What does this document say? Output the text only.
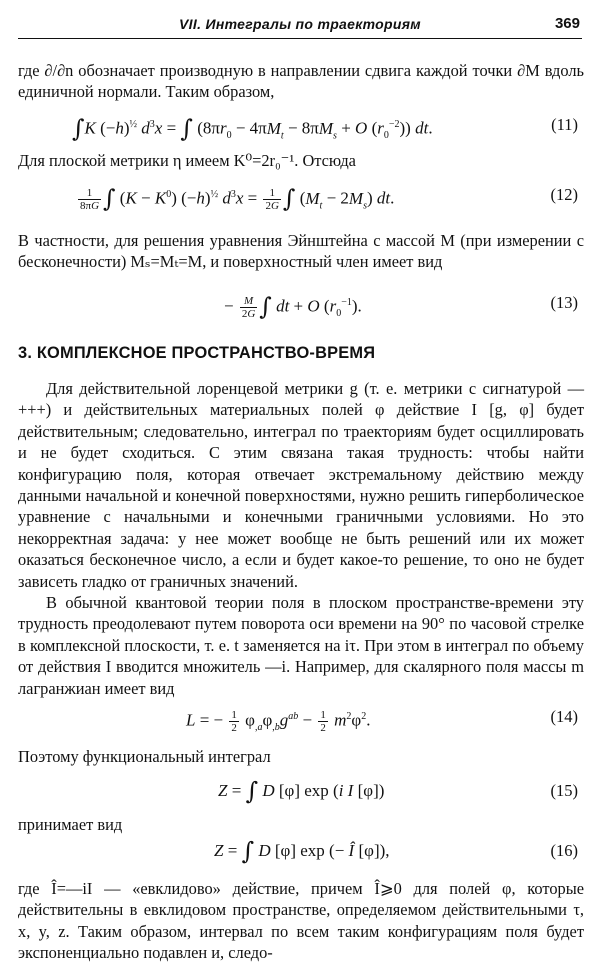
VII. Интегралы по траекториям	369
где ∂/∂n обозначает производную в направлении сдвига каждой точки ∂M вдоль единичной нормали. Таким образом,
∫K $(-h)^{\frac{1}{2}}$ $d^3x$ = ∫ ($8\pi r_0 - 4\pi M_t - 8\pi M_s + O$ $(r_0^{-2})$) dt.	(11)
Для плоской метрики η имеем K⁰=2r₀⁻¹. Отсюда
$\frac{1}{8\pi G}$ ∫ $(K - K^0)$ $(-h)^{\frac{1}{2}}$ $d^3x = \frac{1}{2G}$ ∫ $(M_t - 2M_s)$ dt.	(12)
В частности, для решения уравнения Эйнштейна с массой M (при измерении с бесконечности) Mₛ=Mₜ=M, и поверхностный член имеет вид
− $\frac{M}{2G}$ ∫ dt + O $(r_0^{-1})$.	(13)
3. КОМПЛЕКСНОЕ ПРОСТРАНСТВО-ВРЕМЯ
Для действительной лоренцевой метрики g (т. е. метрики с сигнатурой —+++) и действительных материальных полей φ действие I [g, φ] будет действительным; следовательно, интеграл по траекториям будет осциллировать и не будет сходиться. С этим связана такая трудность: чтобы найти конфигурацию поля, которая отвечает экстремальному действию между данными начальной и конечной поверхностями, нужно решить гиперболическое уравнение с начальными и конечными граничными условиями. Но это некорректная задача: у нее может вообще не быть решений или их может оказаться бесконечное число, а если и будет какое-то решение, то оно не будет зависеть гладко от граничных значений.
В обычной квантовой теории поля в плоском пространстве-времени эту трудность преодолевают путем поворота оси времени на 90° по часовой стрелке в комплексной плоскости, т. е. t заменяется на iτ. При этом в интеграл по объему от действия I вводится множитель —i. Например, для скалярного поля массы m лагранжиан имеет вид
L = − $\frac{1}{2} \varphi_{,a}\varphi_{,b}g^{ab} - \frac{1}{2} m^2\varphi^2$.	(14)
Поэтому функциональный интеграл
Z = ∫ D [φ] exp (i I [φ])	(15)
принимает вид
Z = ∫ D [φ] exp (− Î [φ]),	(16)
где Î=—iI — «евклидово» действие, причем Î⩾0 для полей φ, которые действительны в евклидовом пространстве, определяемом действительными τ, x, y, z. Таким образом, интервал по всем таким конфигурациям поля будет экспоненциально подавлен и, следо-
